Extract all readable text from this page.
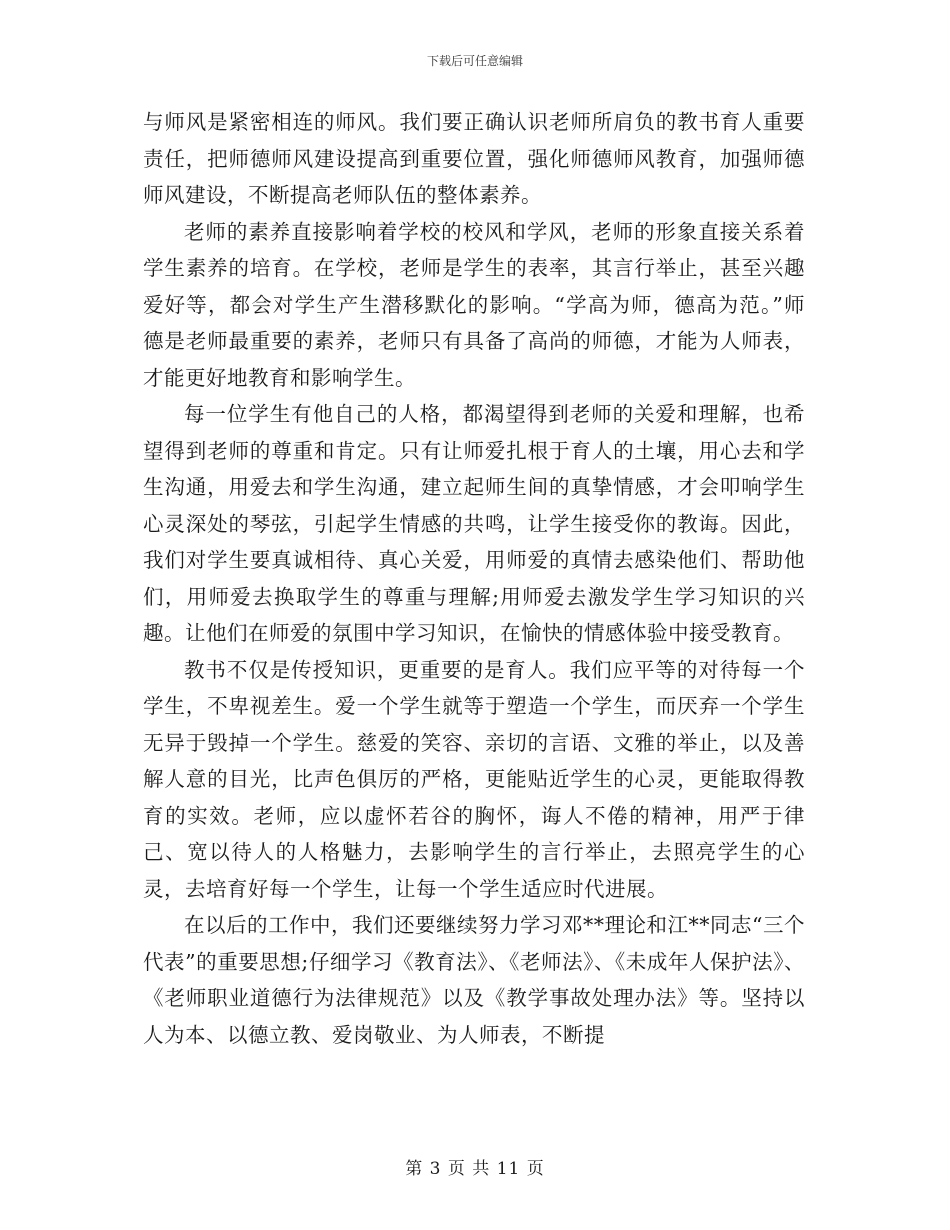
下载后可任意编辑

与师风是紧密相连的师风。我们要正确认识老师所肩负的教书育人重要责任，把师德师风建设提高到重要位置，强化师德师风教育，加强师德师风建设，不断提高老师队伍的整体素养。

老师的素养直接影响着学校的校风和学风，老师的形象直接关系着学生素养的培育。在学校，老师是学生的表率，其言行举止，甚至兴趣爱好等，都会对学生产生潜移默化的影响。“学高为师，德高为范。”师德是老师最重要的素养，老师只有具备了高尚的师德，才能为人师表，才能更好地教育和影响学生。

每一位学生有他自己的人格，都渴望得到老师的关爱和理解，也希望得到老师的尊重和肯定。只有让师爱扎根于育人的土壤，用心去和学生沟通，用爱去和学生沟通，建立起师生间的真挚情感，才会叩响学生心灵深处的琴弦，引起学生情感的共鸣，让学生接受你的教诲。因此，我们对学生要真诚相待、真心关爱，用师爱的真情去感染他们、帮助他们，用师爱去换取学生的尊重与理解;用师爱去激发学生学习知识的兴趣。让他们在师爱的氛围中学习知识，在愉快的情感体验中接受教育。

教书不仅是传授知识，更重要的是育人。我们应平等的对待每一个学生，不卑视差生。爱一个学生就等于塑造一个学生，而厌弃一个学生无异于毁掉一个学生。慈爱的笑容、亲切的言语、文雅的举止，以及善解人意的目光，比声色俱厉的严格，更能贴近学生的心灵，更能取得教育的实效。老师，应以虚怀若谷的胸怀，诲人不倦的精神，用严于律己、宽以待人的人格魅力，去影响学生的言行举止，去照亮学生的心灵，去培育好每一个学生，让每一个学生适应时代进展。

在以后的工作中，我们还要继续努力学习邓**理论和江**同志“三个代表”的重要思想;仔细学习《教育法》、《老师法》、《未成年人保护法》、《老师职业道德行为法律规范》以及《教学事故处理办法》等。坚持以人为本、以德立教、爱岗敬业、为人师表，不断提

第 3 页 共 11 页
